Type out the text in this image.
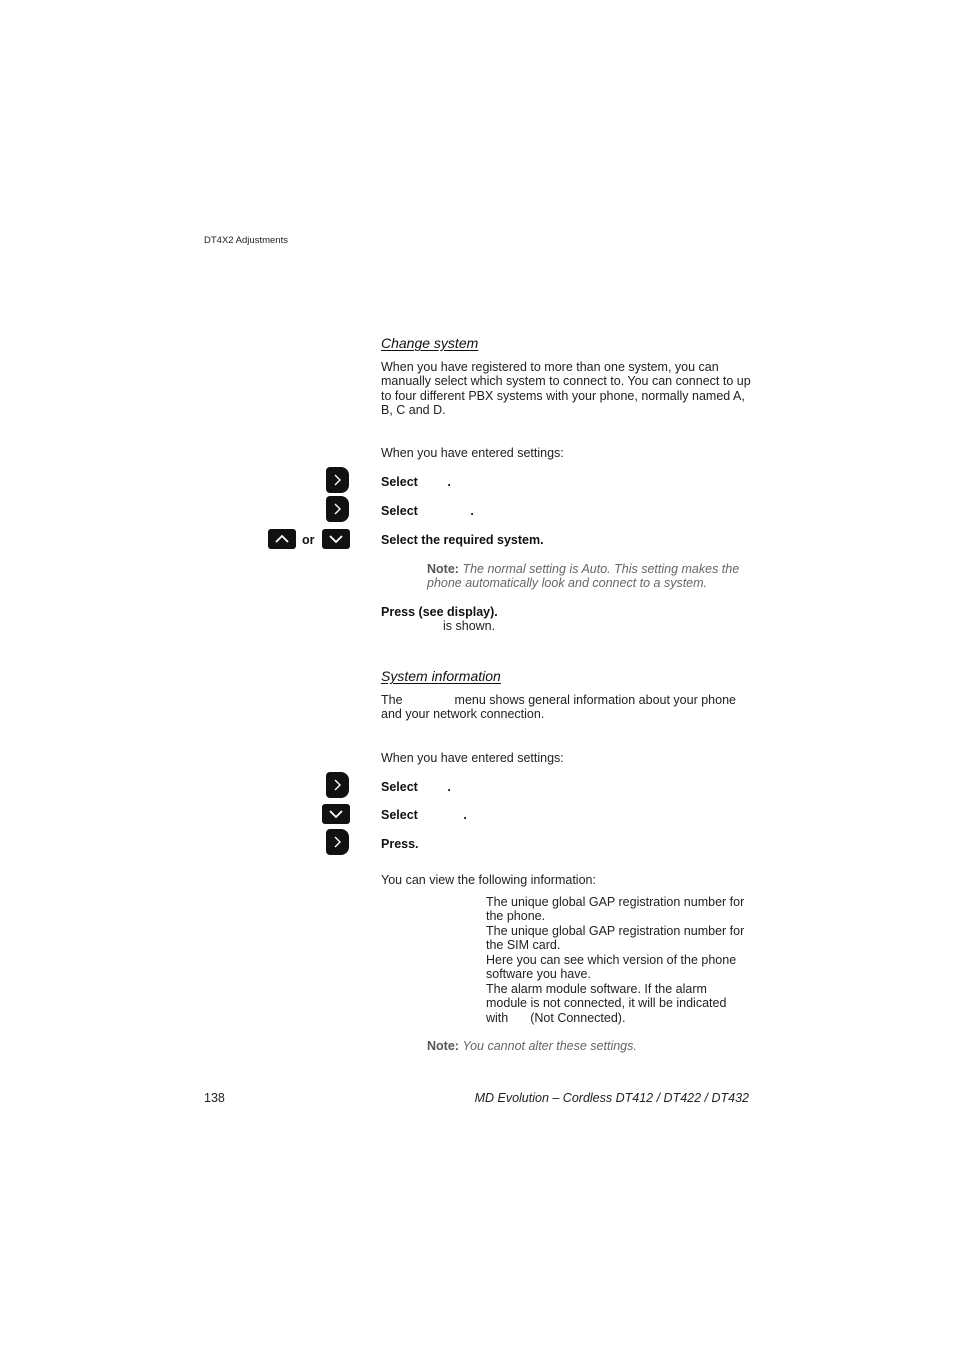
DT4X2 Adjustments
Change system
When you have registered to more than one system, you can manually select which system to connect to. You can connect to up to four different PBX systems with your phone, normally named A, B, C and D.
When you have entered settings:
Select .
Select	.
or	Select the required system.
Note: The normal setting is Auto. This setting makes the phone automatically look and connect to a system.
Press (see display).
is shown.
System information
The	menu shows general information about your phone and your network connection.
When you have entered settings:
Select .
Select	.
Press.
You can view the following information:
The unique global GAP registration number for the phone.
The unique global GAP registration number for the SIM card.
Here you can see which version of the phone software you have.
The alarm module software. If the alarm module is not connected, it will be indicated with (Not Connected).
Note: You cannot alter these settings.
138	MD Evolution – Cordless DT412 / DT422 / DT432
